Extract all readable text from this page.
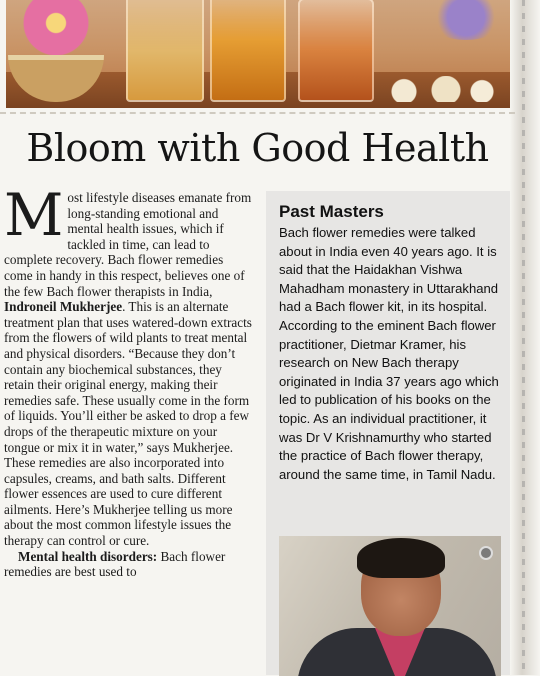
Bloom with Good Health

Most lifestyle diseases emanate from long-standing emotional and mental health issues, which if tackled in time, can lead to complete recovery. Bach flower remedies come in handy in this respect, believes one of the few Bach flower therapists in India, Indroneil Mukherjee. This is an alternate treatment plan that uses watered-down extracts from the flowers of wild plants to treat mental and physical disorders. “Because they don’t contain any biochemical substances, they retain their original energy, making their remedies safe. These usually come in the form of liquids. You’ll either be asked to drop a few drops of the therapeutic mixture on your tongue or mix it in water,” says Mukherjee. These remedies are also incorporated into capsules, creams, and bath salts. Different flower essences are used to cure different ailments. Here’s Mukherjee telling us more about the most common lifestyle issues the therapy can control or cure.

Mental health disorders: Bach flower remedies are best used to

Past Masters
Bach flower remedies were talked about in India even 40 years ago. It is said that the Haidakhan Vishwa Mahadham monastery in Uttarakhand had a Bach flower kit, in its hospital. According to the eminent Bach flower practitioner, Dietmar Kramer, his research on New Bach therapy originated in India 37 years ago which led to publication of his books on the topic. As an individual practitioner, it was Dr V Krishnamurthy who started the practice of Bach flower therapy, around the same time, in Tamil Nadu.
